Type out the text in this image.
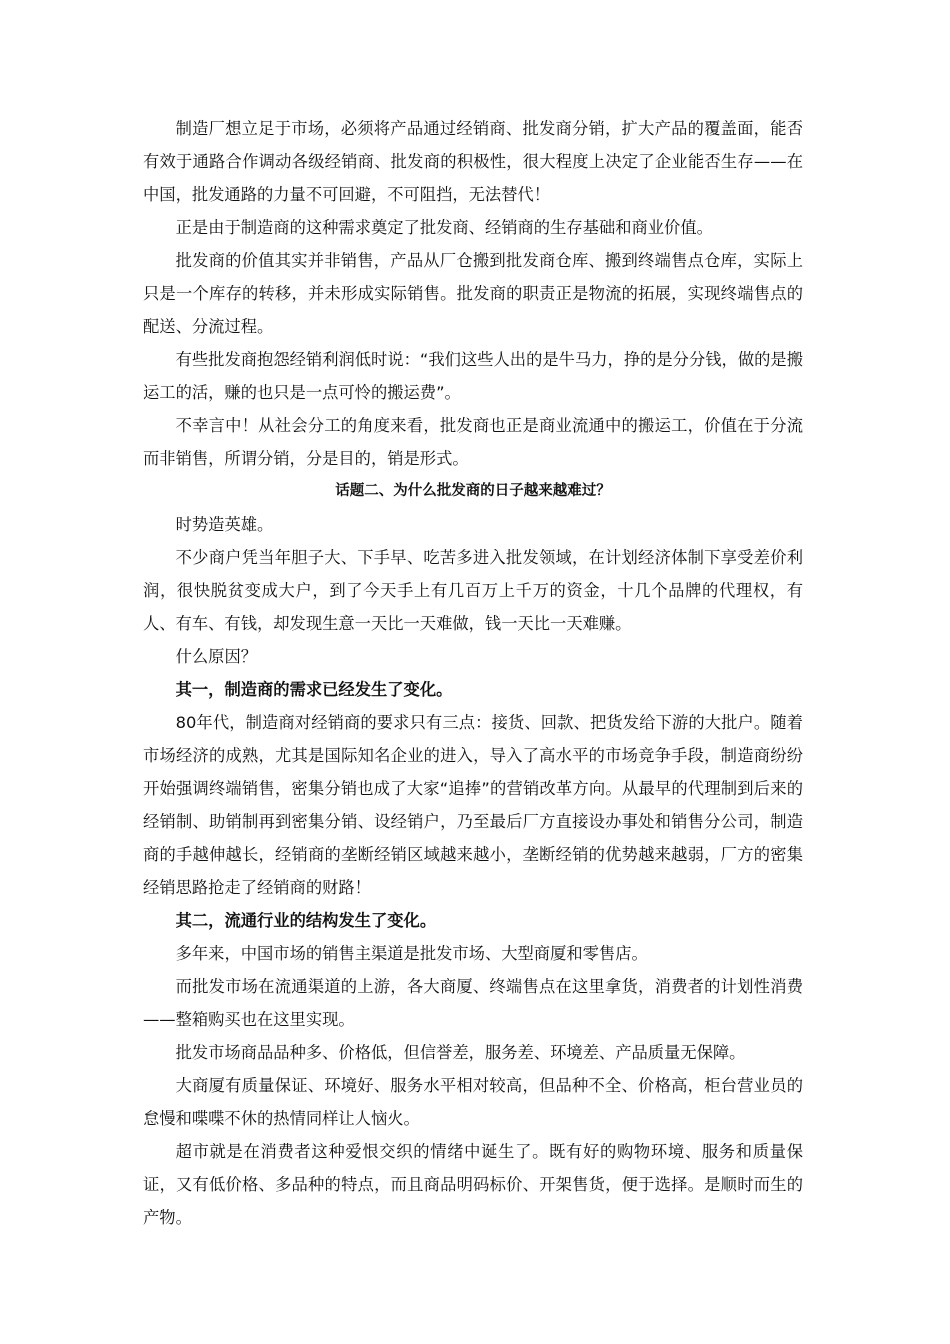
制造厂想立足于市场，必须将产品通过经销商、批发商分销，扩大产品的覆盖面，能否有效于通路合作调动各级经销商、批发商的积极性，很大程度上决定了企业能否生存——在中国，批发通路的力量不可回避，不可阻挡，无法替代！

正是由于制造商的这种需求奠定了批发商、经销商的生存基础和商业价值。

批发商的价值其实并非销售，产品从厂仓搬到批发商仓库、搬到终端售点仓库，实际上只是一个库存的转移，并未形成实际销售。批发商的职责正是物流的拓展，实现终端售点的配送、分流过程。

有些批发商抱怨经销利润低时说：“我们这些人出的是牛马力，挣的是分分钱，做的是搬运工的活，赚的也只是一点可怜的搬运费”。

不幸言中！从社会分工的角度来看，批发商也正是商业流通中的搬运工，价值在于分流而非销售，所谓分销，分是目的，销是形式。

话题二、为什么批发商的日子越来越难过？

时势造英雄。

不少商户凭当年胆子大、下手早、吃苦多进入批发领域，在计划经济体制下享受差价利润，很快脱贫变成大户，到了今天手上有几百万上千万的资金，十几个品牌的代理权，有人、有车、有钱，却发现生意一天比一天难做，钱一天比一天难赚。

什么原因？

其一，制造商的需求已经发生了变化。

80年代，制造商对经销商的要求只有三点：接货、回款、把货发给下游的大批户。随着市场经济的成熟，尤其是国际知名企业的进入，导入了高水平的市场竞争手段，制造商纷纷开始强调终端销售，密集分销也成了大家“追捧”的营销改革方向。从最早的代理制到后来的经销制、助销制再到密集分销、设经销户，乃至最后厂方直接设办事处和销售分公司，制造商的手越伸越长，经销商的垄断经销区域越来越小，垄断经销的优势越来越弱，厂方的密集经销思路抢走了经销商的财路！

其二，流通行业的结构发生了变化。

多年来，中国市场的销售主渠道是批发市场、大型商厦和零售店。

而批发市场在流通渠道的上游，各大商厦、终端售点在这里拿货，消费者的计划性消费——整箱购买也在这里实现。

批发市场商品品种多、价格低，但信誉差，服务差、环境差、产品质量无保障。

大商厦有质量保证、环境好、服务水平相对较高，但品种不全、价格高，柜台营业员的怠慢和喋喋不休的热情同样让人恼火。

超市就是在消费者这种爱恨交织的情绪中诞生了。既有好的购物环境、服务和质量保证，又有低价格、多品种的特点，而且商品明码标价、开架售货，便于选择。是顺时而生的产物。
